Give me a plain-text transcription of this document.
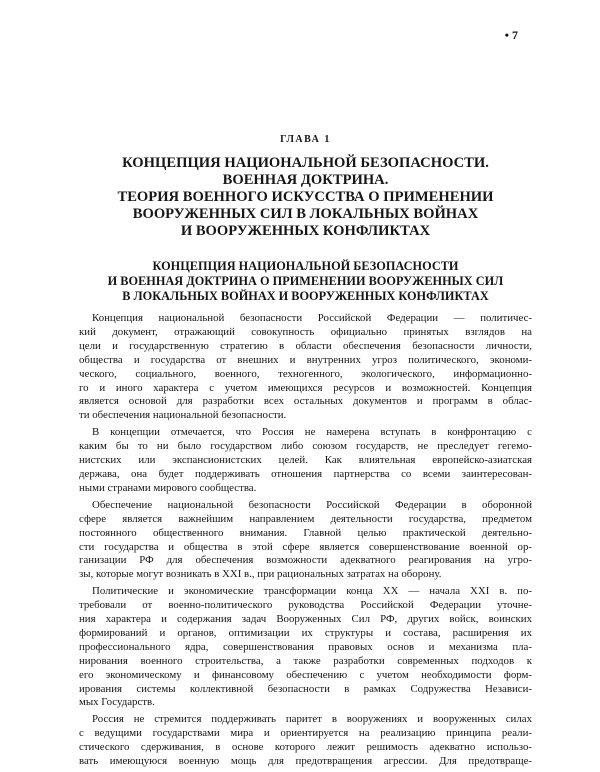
• 7
ГЛАВА 1
КОНЦЕПЦИЯ НАЦИОНАЛЬНОЙ БЕЗОПАСНОСТИ.
ВОЕННАЯ ДОКТРИНА.
ТЕОРИЯ ВОЕННОГО ИСКУССТВА О ПРИМЕНЕНИИ
ВООРУЖЕННЫХ СИЛ В ЛОКАЛЬНЫХ ВОЙНАХ
И ВООРУЖЕННЫХ КОНФЛИКТАХ
КОНЦЕПЦИЯ НАЦИОНАЛЬНОЙ БЕЗОПАСНОСТИ
И ВОЕННАЯ ДОКТРИНА О ПРИМЕНЕНИИ ВООРУЖЕННЫХ СИЛ
В ЛОКАЛЬНЫХ ВОЙНАХ И ВООРУЖЕННЫХ КОНФЛИКТАХ
Концепция национальной безопасности Российской Федерации — политичес-
кий документ, отражающий совокупность официально принятых взглядов на
цели и государственную стратегию в области обеспечения безопасности личности,
общества и государства от внешних и внутренних угроз политического, экономи-
ческого, социального, военного, техногенного, экологического, информационно-
го и иного характера с учетом имеющихся ресурсов и возможностей. Концепция
является основой для разработки всех остальных документов и программ в облас-
ти обеспечения национальной безопасности.
В концепции отмечается, что Россия не намерена вступать в конфронтацию с
каким бы то ни было государством либо союзом государств, не преследует гегемо-
нистских или экспансионистских целей. Как влиятельная европейско-азиатская
держава, она будет поддерживать отношения партнерства со всеми заинтересован-
ными странами мирового сообщества.
Обеспечение национальной безопасности Российской Федерации в оборонной
сфере является важнейшим направлением деятельности государства, предметом
постоянного общественного внимания. Главной целью практической деятельно-
сти государства и общества в этой сфере является совершенствование военной ор-
ганизации РФ для обеспечения возможности адекватного реагирования на угро-
зы, которые могут возникать в XXI в., при рациональных затратах на оборону.
Политические и экономические трансформации конца XX — начала XXI в. по-
требовали от военно-политического руководства Российской Федерации уточне-
ния характера и содержания задач Вооруженных Сил РФ, других войск, воинских
формирований и органов, оптимизации их структуры и состава, расширения их
профессионального ядра, совершенствования правовых основ и механизма пла-
нирования военного строительства, а также разработки современных подходов к
его экономическому и финансовому обеспечению с учетом необходимости форм-
ирования системы коллективной безопасности в рамках Содружества Независи-
мых Государств.
Россия не стремится поддерживать паритет в вооружениях и вооруженных силах
с ведущими государствами мира и ориентируется на реализацию принципа реали-
стического сдерживания, в основе которого лежит решимость адекватно использо-
вать имеющуюся военную мощь для предотвращения агрессии. Для предотвраще-
